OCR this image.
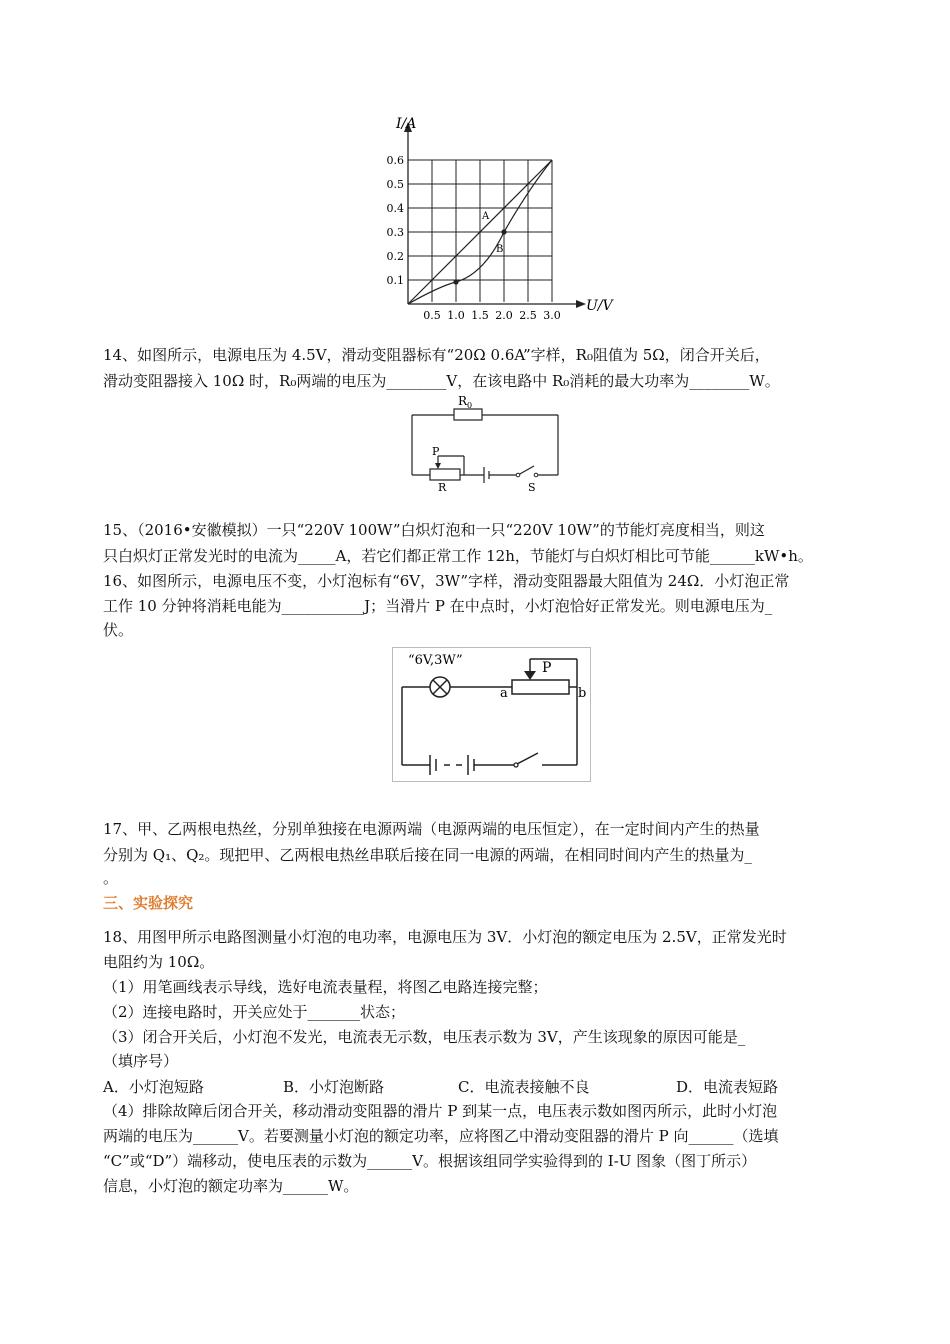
I/A
U/V
A
B
0.6
0.5
0.4
0.3
0.2
0.1
0.5 1.0 1.5 2.0 2.5 3.0
14、如图所示，电源电压为 4.5V，滑动变阻器标有“20Ω 0.6A”字样，R₀阻值为 5Ω，闭合开关后，
滑动变阻器接入 10Ω 时，R₀两端的电压为________V，在该电路中 R₀消耗的最大功率为________W。
$R_0$
P
R	S
15、（2016•安徽模拟）一只“220V 100W”白炽灯泡和一只“220V 10W”的节能灯亮度相当，则这
只白炽灯正常发光时的电流为_____A，若它们都正常工作 12h，节能灯与白炽灯相比可节能______kW•h。
16、如图所示，电源电压不变，小灯泡标有“6V，3W”字样，滑动变阻器最大阻值为 24Ω．小灯泡正常
工作 10 分钟将消耗电能为___________J；当滑片 P 在中点时，小灯泡恰好正常发光。则电源电压为_
伏。
“6V,3W”	P
a	b
17、甲、乙两根电热丝，分别单独接在电源两端（电源两端的电压恒定），在一定时间内产生的热量
分别为 Q₁、Q₂。现把甲、乙两根电热丝串联后接在同一电源的两端，在相同时间内产生的热量为_
。
三、实验探究
18、用图甲所示电路图测量小灯泡的电功率，电源电压为 3V．小灯泡的额定电压为 2.5V，正常发光时
电阻约为 10Ω。
（1）用笔画线表示导线，选好电流表量程，将图乙电路连接完整；
（2）连接电路时，开关应处于_______状态；
（3）闭合开关后，小灯泡不发光，电流表无示数，电压表示数为 3V，产生该现象的原因可能是_
（填序号）
A．小灯泡短路	B．小灯泡断路	C．电流表接触不良	D．电流表短路
（4）排除故障后闭合开关，移动滑动变阻器的滑片 P 到某一点，电压表示数如图丙所示，此时小灯泡
两端的电压为______V。若要测量小灯泡的额定功率，应将图乙中滑动变阻器的滑片 P 向______（选填
“C”或“D”）端移动，使电压表的示数为______V。根据该组同学实验得到的 I-U 图象（图丁所示）
信息，小灯泡的额定功率为______W。
